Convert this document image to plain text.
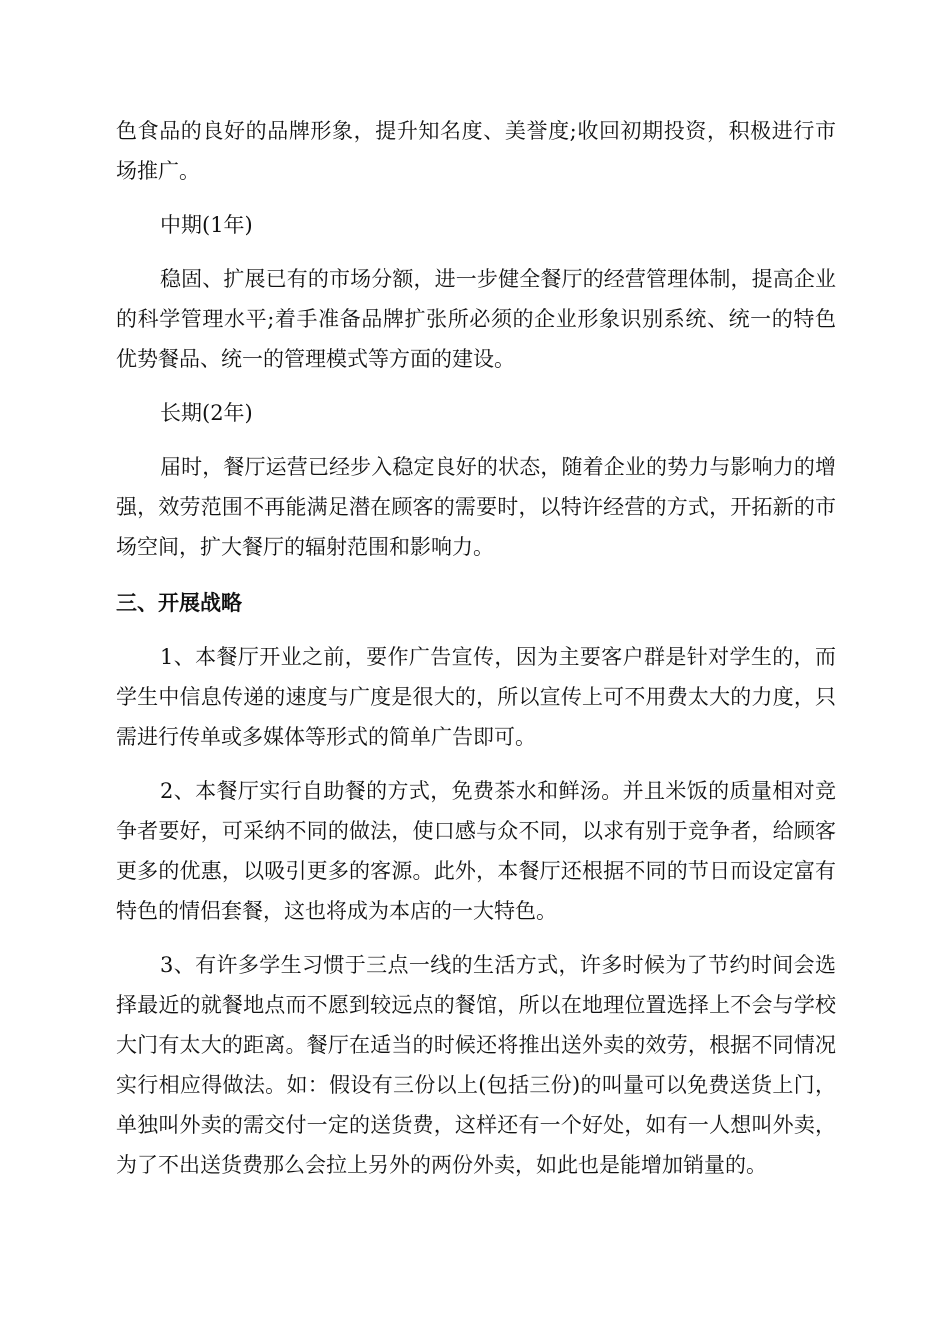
色食品的良好的品牌形象，提升知名度、美誉度;收回初期投资，积极进行市场推广。

中期(1年)

稳固、扩展已有的市场分额，进一步健全餐厅的经营管理体制，提高企业的科学管理水平;着手准备品牌扩张所必须的企业形象识别系统、统一的特色优势餐品、统一的管理模式等方面的建设。

长期(2年)

届时，餐厅运营已经步入稳定良好的状态，随着企业的势力与影响力的增强，效劳范围不再能满足潜在顾客的需要时，以特许经营的方式，开拓新的市场空间，扩大餐厅的辐射范围和影响力。

三、开展战略

1、本餐厅开业之前，要作广告宣传，因为主要客户群是针对学生的，而学生中信息传递的速度与广度是很大的，所以宣传上可不用费太大的力度，只需进行传单或多媒体等形式的简单广告即可。

2、本餐厅实行自助餐的方式，免费茶水和鲜汤。并且米饭的质量相对竞争者要好，可采纳不同的做法，使口感与众不同，以求有别于竞争者，给顾客更多的优惠，以吸引更多的客源。此外，本餐厅还根据不同的节日而设定富有特色的情侣套餐，这也将成为本店的一大特色。

3、有许多学生习惯于三点一线的生活方式，许多时候为了节约时间会选择最近的就餐地点而不愿到较远点的餐馆，所以在地理位置选择上不会与学校大门有太大的距离。餐厅在适当的时候还将推出送外卖的效劳，根据不同情况实行相应得做法。如：假设有三份以上(包括三份)的叫量可以免费送货上门，单独叫外卖的需交付一定的送货费，这样还有一个好处，如有一人想叫外卖，为了不出送货费那么会拉上另外的两份外卖，如此也是能增加销量的。
